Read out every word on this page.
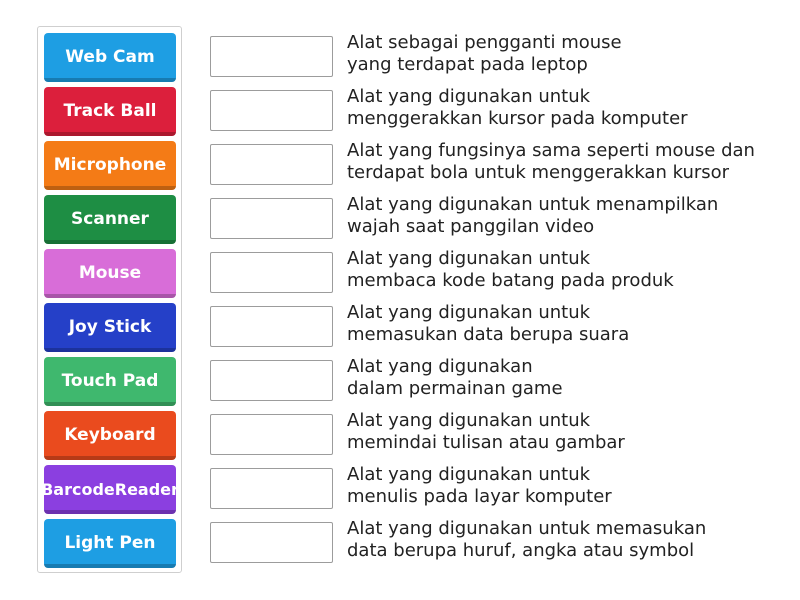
Web Cam
Track Ball
Microphone
Scanner
Mouse
Joy Stick
Touch Pad
Keyboard
Barcode Reader
Light Pen
Alat sebagai pengganti mouse
yang terdapat pada leptop
Alat yang digunakan untuk
menggerakkan kursor pada komputer
Alat yang fungsinya sama seperti mouse dan
terdapat bola untuk menggerakkan kursor
Alat yang digunakan untuk menampilkan
wajah saat panggilan video
Alat yang digunakan untuk
membaca kode batang pada produk
Alat yang digunakan untuk
memasukan data berupa suara
Alat yang digunakan
dalam permainan game
Alat yang digunakan untuk
memindai tulisan atau gambar
Alat yang digunakan untuk
menulis pada layar komputer
Alat yang digunakan untuk memasukan
data berupa huruf, angka atau symbol
